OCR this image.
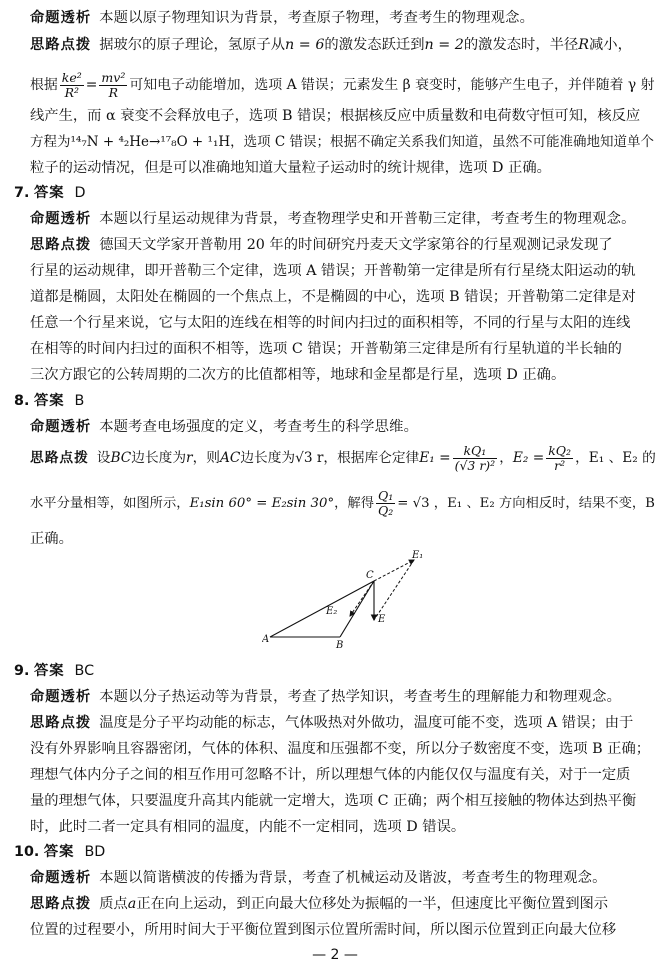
命题透析 本题以原子物理知识为背景，考查原子物理，考查考生的物理观念。
思路点拨 据玻尔的原子理论，氢原子从n = 6的激发态跃迁到n = 2的激发态时，半径R减小，
根据 $\frac{\text{ke²}}{\text{R²}} = \frac{\text{mv²}}{R}$ 可知电子动能增加，选项 A 错误；元素发生 β 衰变时，能够产生电子，并伴随着 γ 射
线产生，而 α 衰变不会释放电子，选项 B 错误；根据核反应中质量数和电荷数守恒可知，核反应
方程为¹⁴₇N + ⁴₂He→¹⁷₈O + ¹₁H，选项 C 错误；根据不确定关系我们知道，虽然不可能准确地知道单个
粒子的运动情况，但是可以准确地知道大量粒子运动时的统计规律，选项 D 正确。
7. 答案 D
命题透析 本题以行星运动规律为背景，考查物理学史和开普勒三定律，考查考生的物理观念。
思路点拨 德国天文学家开普勒用 20 年的时间研究丹麦天文学家第谷的行星观测记录发现了
行星的运动规律，即开普勒三个定律，选项 A 错误；开普勒第一定律是所有行星绕太阳运动的轨
道都是椭圆，太阳处在椭圆的一个焦点上，不是椭圆的中心，选项 B 错误；开普勒第二定律是对
任意一个行星来说，它与太阳的连线在相等的时间内扫过的面积相等，不同的行星与太阳的连线
在相等的时间内扫过的面积不相等，选项 C 错误；开普勒第三定律是所有行星轨道的半长轴的
三次方跟它的公转周期的二次方的比值都相等，地球和金星都是行星，选项 D 正确。
8. 答案 B
命题透析 本题考查电场强度的定义，考查考生的科学思维。
思路点拨 设BC边长度为r，则AC边长度为√3 r，根据库仑定律$E_1 = \frac{\text{kQ₁}}{\text{(√3 r)²}}$ ，$E_2 = \frac{\text{kQ₂}}{\text{r²}}$ ，E₁ 、E₂ 的
水平分量相等，如图所示，E₁sin 60° = E₂sin 30°，解得 $\frac{\text{Q₁}}{\text{Q₂}} = √3$ ，E₁ 、E₂ 方向相反时，结果不变，B
正确。
A
B
C
E
E₁
E₂
9. 答案 BC
命题透析 本题以分子热运动等为背景，考查了热学知识，考查考生的理解能力和物理观念。
思路点拨 温度是分子平均动能的标志，气体吸热对外做功，温度可能不变，选项 A 错误；由于
没有外界影响且容器密闭，气体的体积、温度和压强都不变，所以分子数密度不变，选项 B 正确；
理想气体内分子之间的相互作用可忽略不计，所以理想气体的内能仅仅与温度有关，对于一定质
量的理想气体，只要温度升高其内能就一定增大，选项 C 正确；两个相互接触的物体达到热平衡
时，此时二者一定具有相同的温度，内能不一定相同，选项 D 错误。
10. 答案 BD
命题透析 本题以简谐横波的传播为背景，考查了机械运动及谐波，考查考生的物理观念。
思路点拨 质点a正在向上运动，到正向最大位移处为振幅的一半，但速度比平衡位置到图示
位置的过程要小，所用时间大于平衡位置到图示位置所需时间，所以图示位置到正向最大位移
— 2 —
